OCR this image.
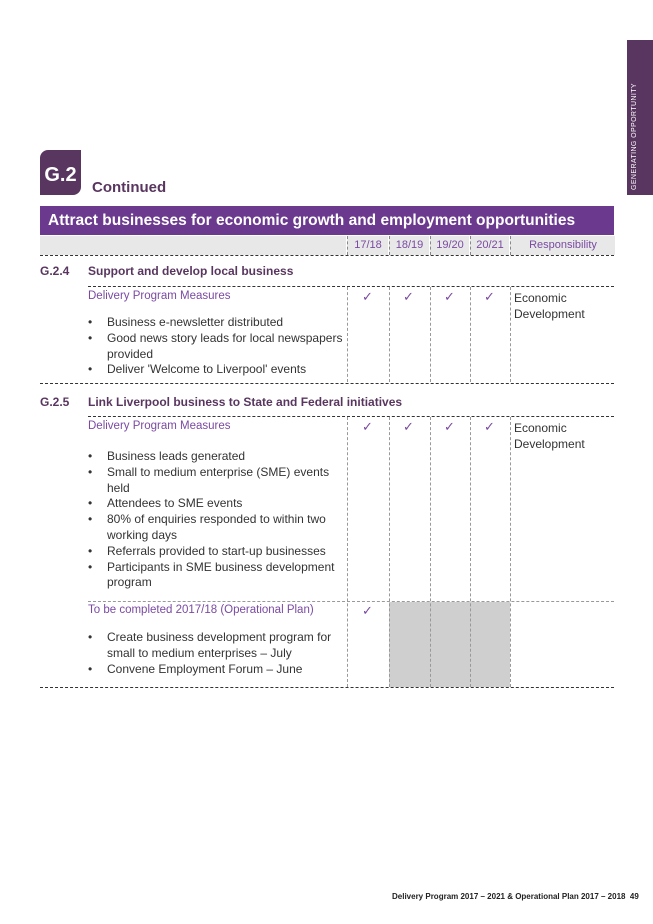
GENERATING OPPORTUNITY
G.2
Continued
Attract businesses for economic growth and employment opportunities
17/18	18/19	19/20	20/21	Responsibility
G.2.4 Support and develop local business
Delivery Program Measures	✓ ✓ ✓ ✓ Economic Development
• Business e-newsletter distributed
• Good news story leads for local newspapers provided
• Deliver 'Welcome to Liverpool' events
G.2.5 Link Liverpool business to State and Federal initiatives
Delivery Program Measures	✓ ✓ ✓ ✓ Economic Development
• Business leads generated
• Small to medium enterprise (SME) events held
• Attendees to SME events
• 80% of enquiries responded to within two working days
• Referrals provided to start-up businesses
• Participants in SME business development program
To be completed 2017/18 (Operational Plan)	✓
• Create business development program for small to medium enterprises – July
• Convene Employment Forum – June
Delivery Program 2017 – 2021 & Operational Plan 2017 – 2018 49
